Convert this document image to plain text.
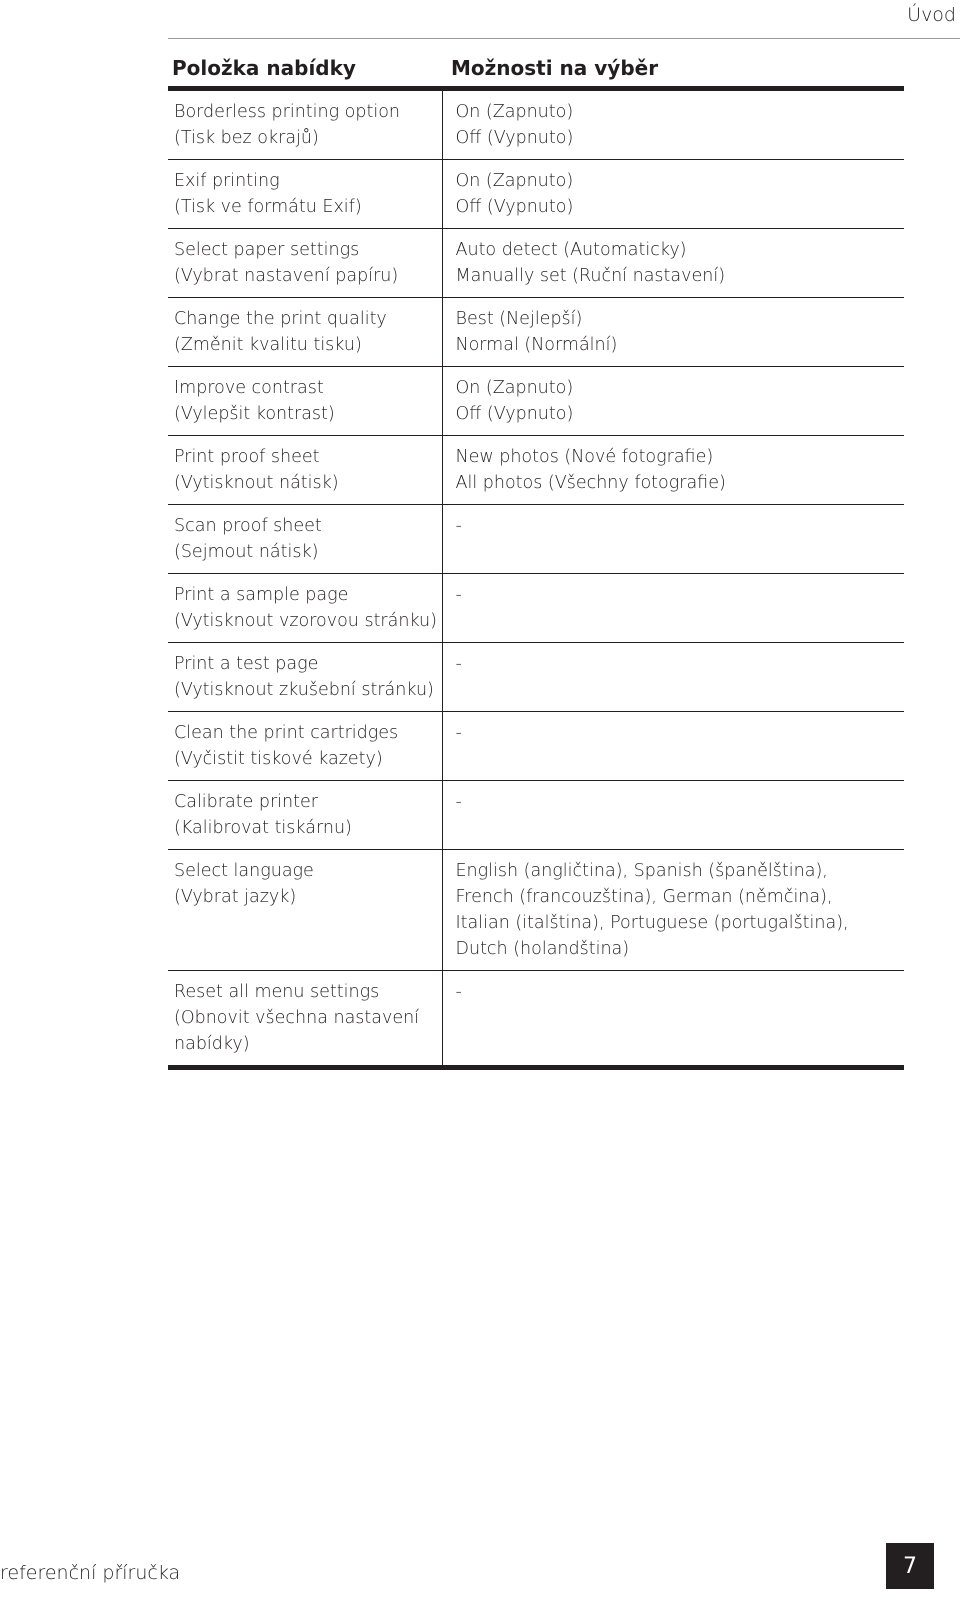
Úvod
Položka nabídky	Možnosti na výběr

Borderless printing option
(Tisk bez okrajů)	On (Zapnuto)
Off (Vypnuto)

Exif printing
(Tisk ve formátu Exif)	On (Zapnuto)
Off (Vypnuto)

Select paper settings
(Vybrat nastavení papíru)	Auto detect (Automaticky)
Manually set (Ruční nastavení)

Change the print quality
(Změnit kvalitu tisku)	Best (Nejlepší)
Normal (Normální)

Improve contrast
(Vylepšit kontrast)	On (Zapnuto)
Off (Vypnuto)

Print proof sheet
(Vytisknout nátisk)	New photos (Nové fotografie)
All photos (Všechny fotografie)

Scan proof sheet
(Sejmout nátisk)	-

Print a sample page
(Vytisknout vzorovou stránku)	-

Print a test page
(Vytisknout zkušební stránku)	-

Clean the print cartridges
(Vyčistit tiskové kazety)	-

Calibrate printer
(Kalibrovat tiskárnu)	-

Select language
(Vybrat jazyk)	English (angličtina), Spanish (španělština),
French (francouzština), German (němčina),
Italian (italština), Portuguese (portugalština),
Dutch (holandština)

Reset all menu settings
(Obnovit všechna nastavení
nabídky)	-
referenční příručka	7
